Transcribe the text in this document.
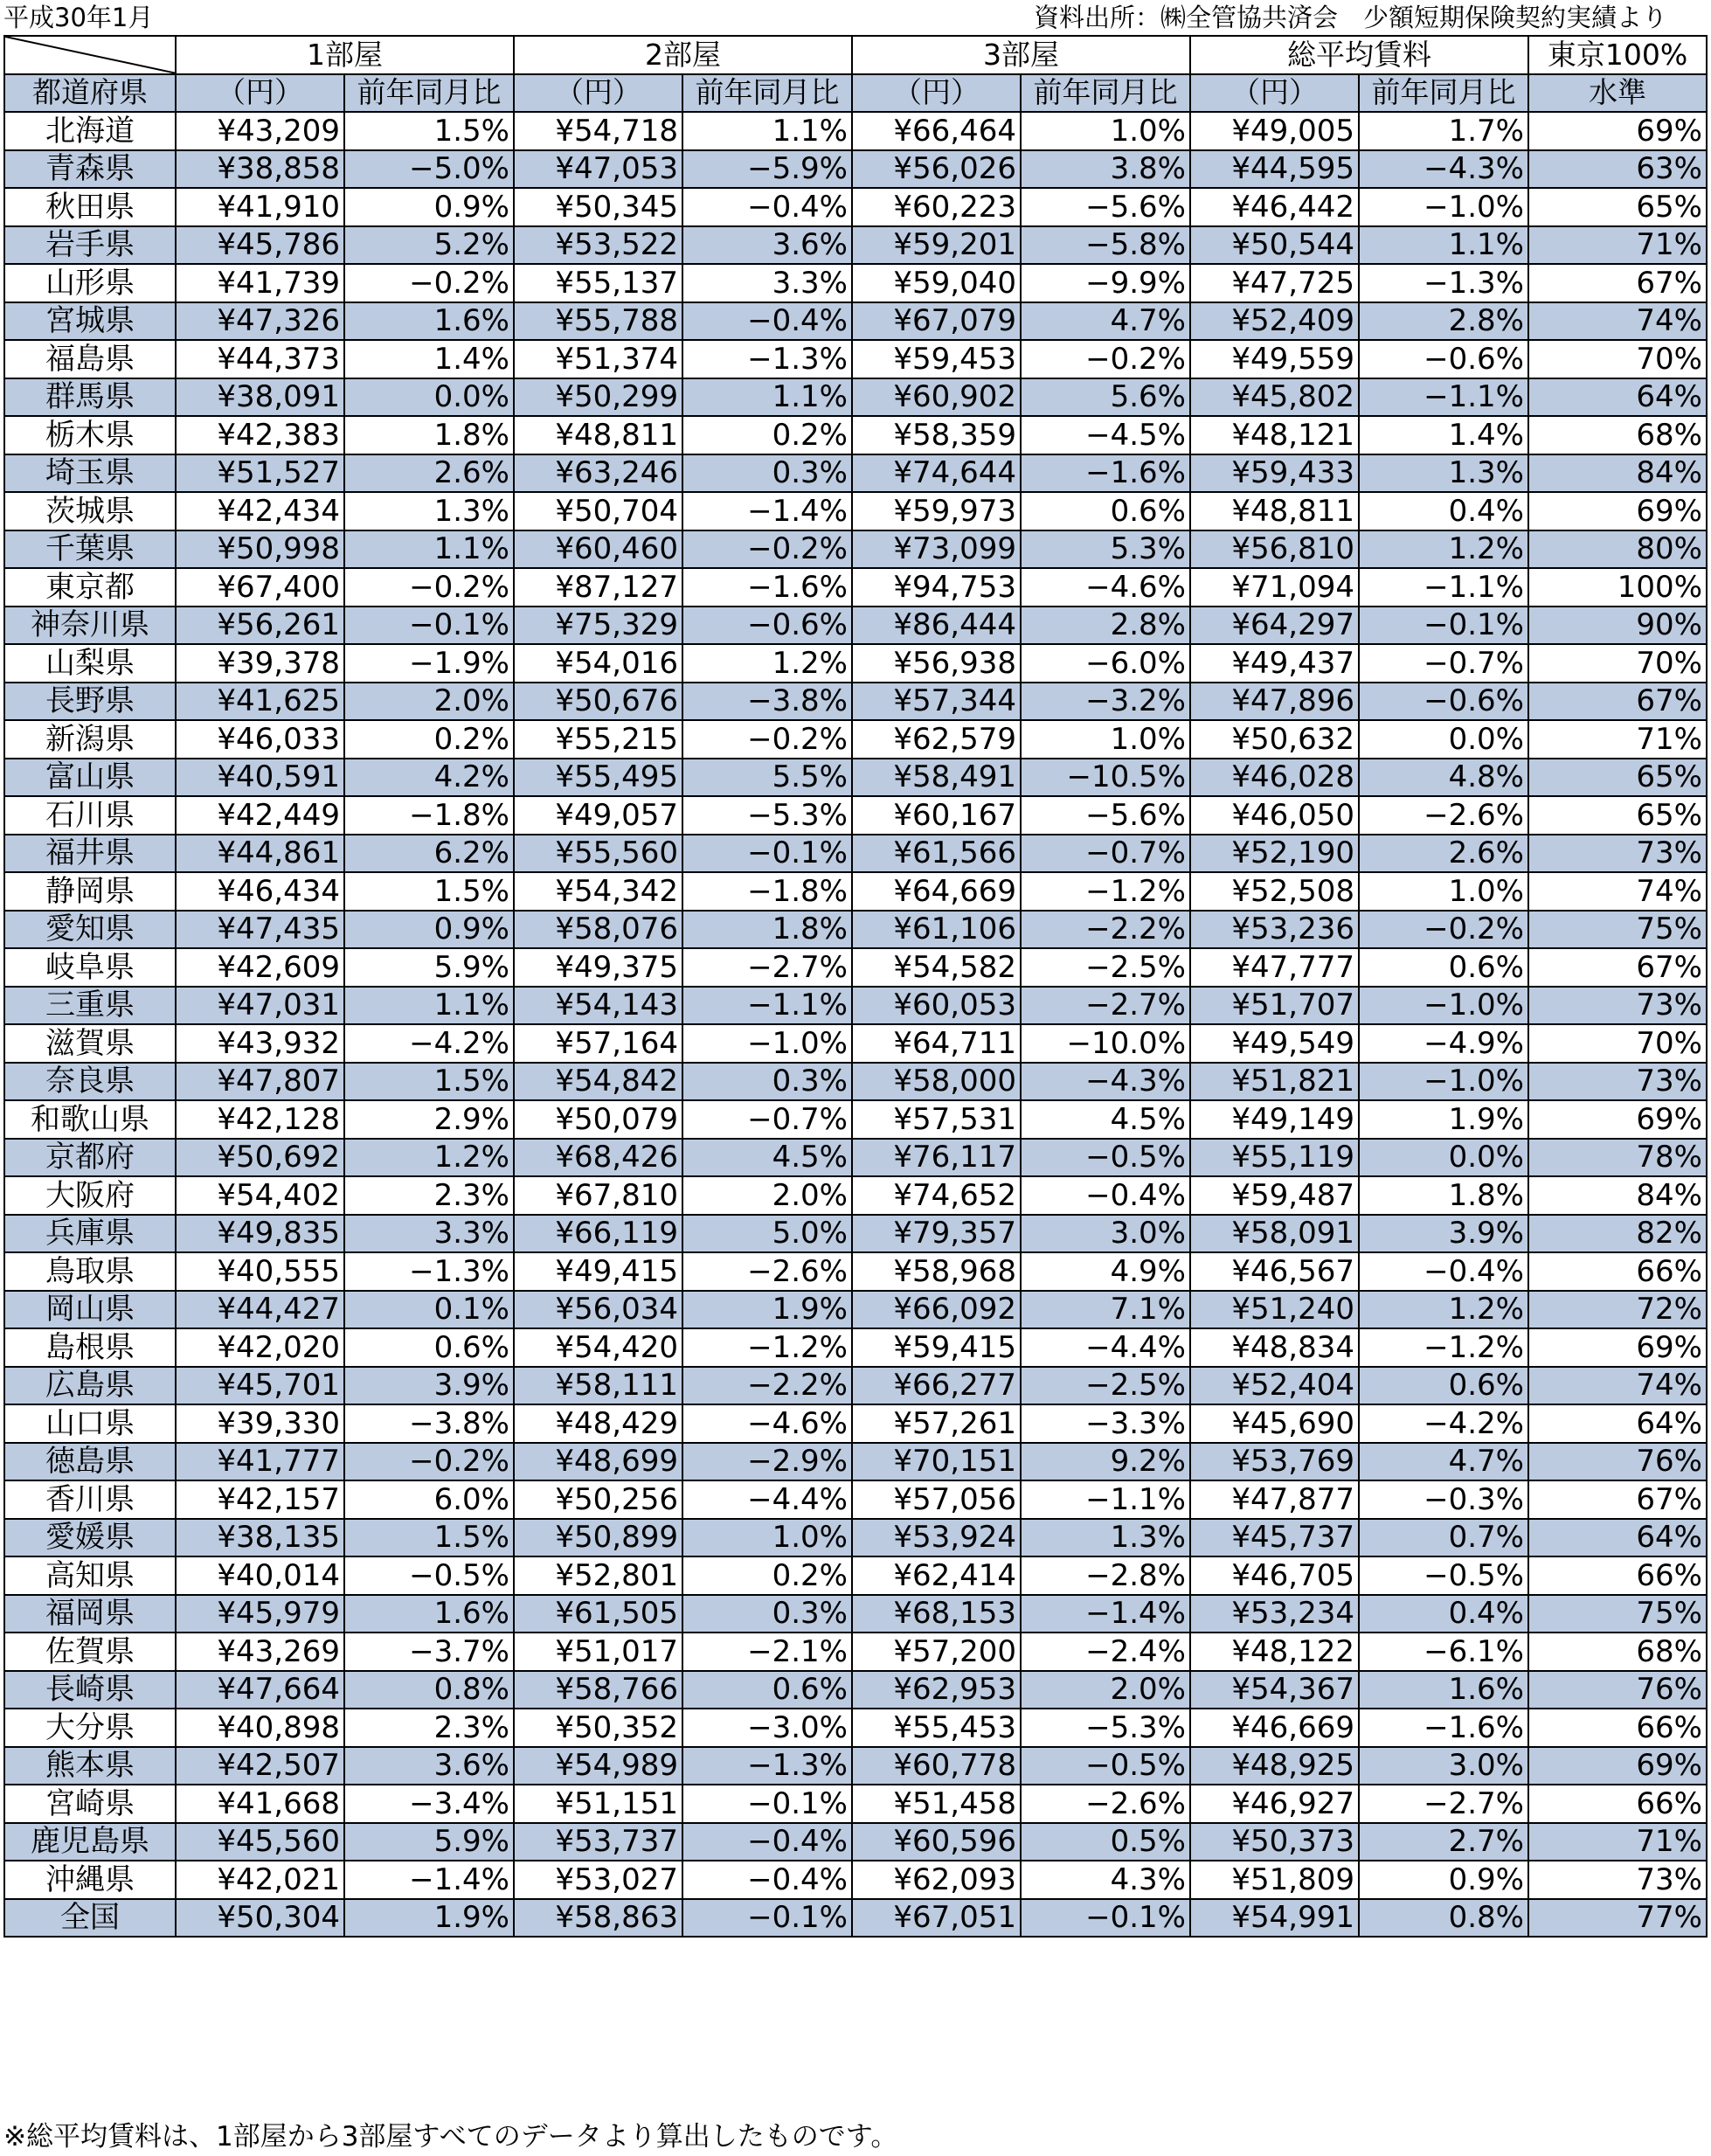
平成30年1月	資料出所：㈱全管協共済会　少額短期保険契約実績より
	1部屋		2部屋		3部屋		総平均賃料		東京100%
都道府県	（円）	前年同月比	（円）	前年同月比	（円）	前年同月比	（円）	前年同月比	水準
北海道	¥43,209	1.5%	¥54,718	1.1%	¥66,464	1.0%	¥49,005	1.7%	69%
青森県	¥38,858	−5.0%	¥47,053	−5.9%	¥56,026	3.8%	¥44,595	−4.3%	63%
秋田県	¥41,910	0.9%	¥50,345	−0.4%	¥60,223	−5.6%	¥46,442	−1.0%	65%
岩手県	¥45,786	5.2%	¥53,522	3.6%	¥59,201	−5.8%	¥50,544	1.1%	71%
山形県	¥41,739	−0.2%	¥55,137	3.3%	¥59,040	−9.9%	¥47,725	−1.3%	67%
宮城県	¥47,326	1.6%	¥55,788	−0.4%	¥67,079	4.7%	¥52,409	2.8%	74%
福島県	¥44,373	1.4%	¥51,374	−1.3%	¥59,453	−0.2%	¥49,559	−0.6%	70%
群馬県	¥38,091	0.0%	¥50,299	1.1%	¥60,902	5.6%	¥45,802	−1.1%	64%
栃木県	¥42,383	1.8%	¥48,811	0.2%	¥58,359	−4.5%	¥48,121	1.4%	68%
埼玉県	¥51,527	2.6%	¥63,246	0.3%	¥74,644	−1.6%	¥59,433	1.3%	84%
茨城県	¥42,434	1.3%	¥50,704	−1.4%	¥59,973	0.6%	¥48,811	0.4%	69%
千葉県	¥50,998	1.1%	¥60,460	−0.2%	¥73,099	5.3%	¥56,810	1.2%	80%
東京都	¥67,400	−0.2%	¥87,127	−1.6%	¥94,753	−4.6%	¥71,094	−1.1%	100%
神奈川県	¥56,261	−0.1%	¥75,329	−0.6%	¥86,444	2.8%	¥64,297	−0.1%	90%
山梨県	¥39,378	−1.9%	¥54,016	1.2%	¥56,938	−6.0%	¥49,437	−0.7%	70%
長野県	¥41,625	2.0%	¥50,676	−3.8%	¥57,344	−3.2%	¥47,896	−0.6%	67%
新潟県	¥46,033	0.2%	¥55,215	−0.2%	¥62,579	1.0%	¥50,632	0.0%	71%
富山県	¥40,591	4.2%	¥55,495	5.5%	¥58,491	−10.5%	¥46,028	4.8%	65%
石川県	¥42,449	−1.8%	¥49,057	−5.3%	¥60,167	−5.6%	¥46,050	−2.6%	65%
福井県	¥44,861	6.2%	¥55,560	−0.1%	¥61,566	−0.7%	¥52,190	2.6%	73%
静岡県	¥46,434	1.5%	¥54,342	−1.8%	¥64,669	−1.2%	¥52,508	1.0%	74%
愛知県	¥47,435	0.9%	¥58,076	1.8%	¥61,106	−2.2%	¥53,236	−0.2%	75%
岐阜県	¥42,609	5.9%	¥49,375	−2.7%	¥54,582	−2.5%	¥47,777	0.6%	67%
三重県	¥47,031	1.1%	¥54,143	−1.1%	¥60,053	−2.7%	¥51,707	−1.0%	73%
滋賀県	¥43,932	−4.2%	¥57,164	−1.0%	¥64,711	−10.0%	¥49,549	−4.9%	70%
奈良県	¥47,807	1.5%	¥54,842	0.3%	¥58,000	−4.3%	¥51,821	−1.0%	73%
和歌山県	¥42,128	2.9%	¥50,079	−0.7%	¥57,531	4.5%	¥49,149	1.9%	69%
京都府	¥50,692	1.2%	¥68,426	4.5%	¥76,117	−0.5%	¥55,119	0.0%	78%
大阪府	¥54,402	2.3%	¥67,810	2.0%	¥74,652	−0.4%	¥59,487	1.8%	84%
兵庫県	¥49,835	3.3%	¥66,119	5.0%	¥79,357	3.0%	¥58,091	3.9%	82%
鳥取県	¥40,555	−1.3%	¥49,415	−2.6%	¥58,968	4.9%	¥46,567	−0.4%	66%
岡山県	¥44,427	0.1%	¥56,034	1.9%	¥66,092	7.1%	¥51,240	1.2%	72%
島根県	¥42,020	0.6%	¥54,420	−1.2%	¥59,415	−4.4%	¥48,834	−1.2%	69%
広島県	¥45,701	3.9%	¥58,111	−2.2%	¥66,277	−2.5%	¥52,404	0.6%	74%
山口県	¥39,330	−3.8%	¥48,429	−4.6%	¥57,261	−3.3%	¥45,690	−4.2%	64%
徳島県	¥41,777	−0.2%	¥48,699	−2.9%	¥70,151	9.2%	¥53,769	4.7%	76%
香川県	¥42,157	6.0%	¥50,256	−4.4%	¥57,056	−1.1%	¥47,877	−0.3%	67%
愛媛県	¥38,135	1.5%	¥50,899	1.0%	¥53,924	1.3%	¥45,737	0.7%	64%
高知県	¥40,014	−0.5%	¥52,801	0.2%	¥62,414	−2.8%	¥46,705	−0.5%	66%
福岡県	¥45,979	1.6%	¥61,505	0.3%	¥68,153	−1.4%	¥53,234	0.4%	75%
佐賀県	¥43,269	−3.7%	¥51,017	−2.1%	¥57,200	−2.4%	¥48,122	−6.1%	68%
長崎県	¥47,664	0.8%	¥58,766	0.6%	¥62,953	2.0%	¥54,367	1.6%	76%
大分県	¥40,898	2.3%	¥50,352	−3.0%	¥55,453	−5.3%	¥46,669	−1.6%	66%
熊本県	¥42,507	3.6%	¥54,989	−1.3%	¥60,778	−0.5%	¥48,925	3.0%	69%
宮崎県	¥41,668	−3.4%	¥51,151	−0.1%	¥51,458	−2.6%	¥46,927	−2.7%	66%
鹿児島県	¥45,560	5.9%	¥53,737	−0.4%	¥60,596	0.5%	¥50,373	2.7%	71%
沖縄県	¥42,021	−1.4%	¥53,027	−0.4%	¥62,093	4.3%	¥51,809	0.9%	73%
全国	¥50,304	1.9%	¥58,863	−0.1%	¥67,051	−0.1%	¥54,991	0.8%	77%
※総平均賃料は、1部屋から3部屋すべてのデータより算出したものです。
